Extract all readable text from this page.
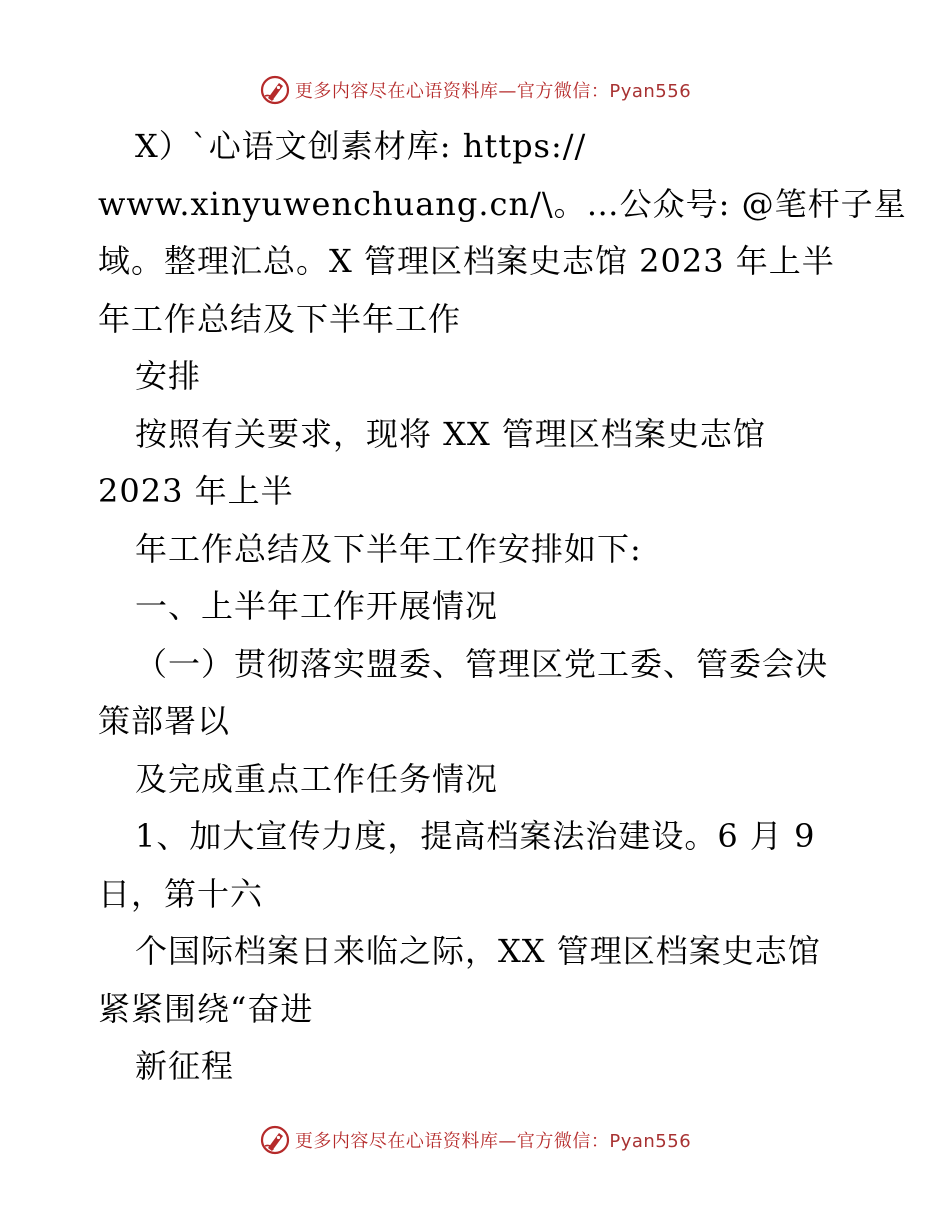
更多内容尽在心语资料库—官方微信：Pyan556
X）`心语文创素材库: https://
www.xinyuwenchuang.cn/\。…公众号: @笔杆子星
域。整理汇总。X 管理区档案史志馆 2023 年上半
年工作总结及下半年工作
安排
按照有关要求，现将 XX 管理区档案史志馆
2023 年上半
年工作总结及下半年工作安排如下:
一、上半年工作开展情况
（一）贯彻落实盟委、管理区党工委、管委会决
策部署以
及完成重点工作任务情况
1、加大宣传力度，提高档案法治建设。6 月 9
日，第十六
个国际档案日来临之际，XX 管理区档案史志馆
紧紧围绕“奋进
新征程
更多内容尽在心语资料库—官方微信：Pyan556
